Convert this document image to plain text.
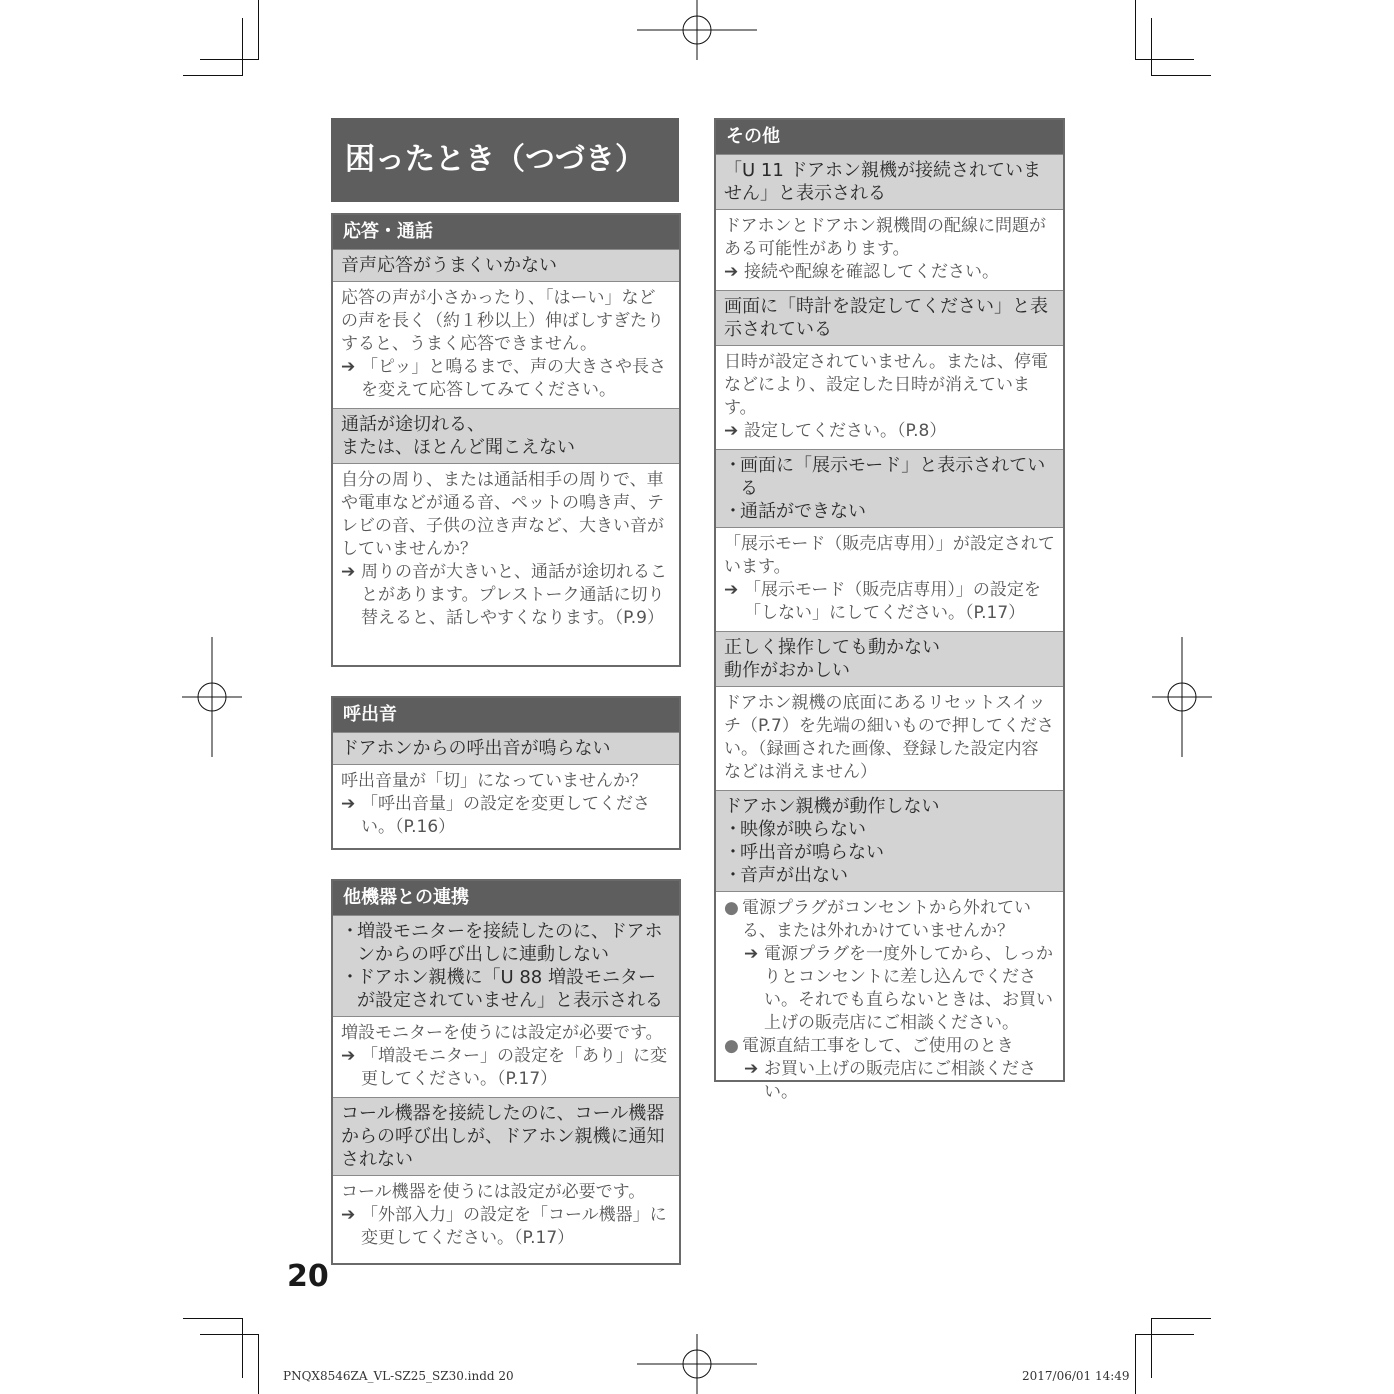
困ったとき（つづき）
応答・通話
音声応答がうまくいかない

応答の声が小さかったり、「はーい」などの声を長く（約１秒以上）伸ばしすぎたりすると、うまく応答できません。

➔ 「ピッ」と鳴るまで、声の大きさや長さを変えて応答してみてください。
通話が途切れる、
または、ほとんど聞こえない

自分の周り、または通話相手の周りで、車や電車などが通る音、ペットの鳴き声、テレビの音、子供の泣き声など、大きい音がしていませんか？

➔ 周りの音が大きいと、通話が途切れることがあります。プレストーク通話に切り替えると、話しやすくなります。（P.9）
呼出音
ドアホンからの呼出音が鳴らない

呼出音量が「切」になっていませんか？

➔ 「呼出音量」の設定を変更してください。（P.16）
他機器との連携
・
増設モニターを接続したのに、ドアホンからの呼び出しに連動しない
・
ドアホン親機に「U 88 増設モニターが設定されていません」と表示される

増設モニターを使うには設定が必要です。

➔ 「増設モニター」の設定を「あり」に変更してください。（P.17）
コール機器を接続したのに、コール機器からの呼び出しが、ドアホン親機に通知されない

コール機器を使うには設定が必要です。

➔ 「外部入力」の設定を「コール機器」に変更してください。（P.17）
その他
「U 11 ドアホン親機が接続されていません」と表示される

ドアホンとドアホン親機間の配線に問題がある可能性があります。

➔ 接続や配線を確認してください。
画面に「時計を設定してください」と表示されている

日時が設定されていません。または、停電などにより、設定した日時が消えています。

➔ 設定してください。（P.8）
・
画面に「展示モード」と表示されている
・
通話ができない

「展示モード（販売店専用）」が設定されています。

➔ 「展示モード（販売店専用）」の設定を「しない」にしてください。（P.17）
正しく操作しても動かない
動作がおかしい

ドアホン親機の底面にあるリセットスイッチ（P.7）を先端の細いもので押してください。（録画された画像、登録した設定内容などは消えません）

ドアホン親機が動作しない
・
映像が映らない
・
呼出音が鳴らない
・
音声が出ない
● 電源プラグがコンセントから外れている、または外れかけていませんか？
➔ 電源プラグを一度外してから、しっかりとコンセントに差し込んでください。それでも直らないときは、お買い上げの販売店にご相談ください。
● 電源直結工事をして、ご使用のとき
➔ お買い上げの販売店にご相談ください。
20
PNQX8546ZA_VL-SZ25_SZ30.indd 20	2017/06/01 14:49
